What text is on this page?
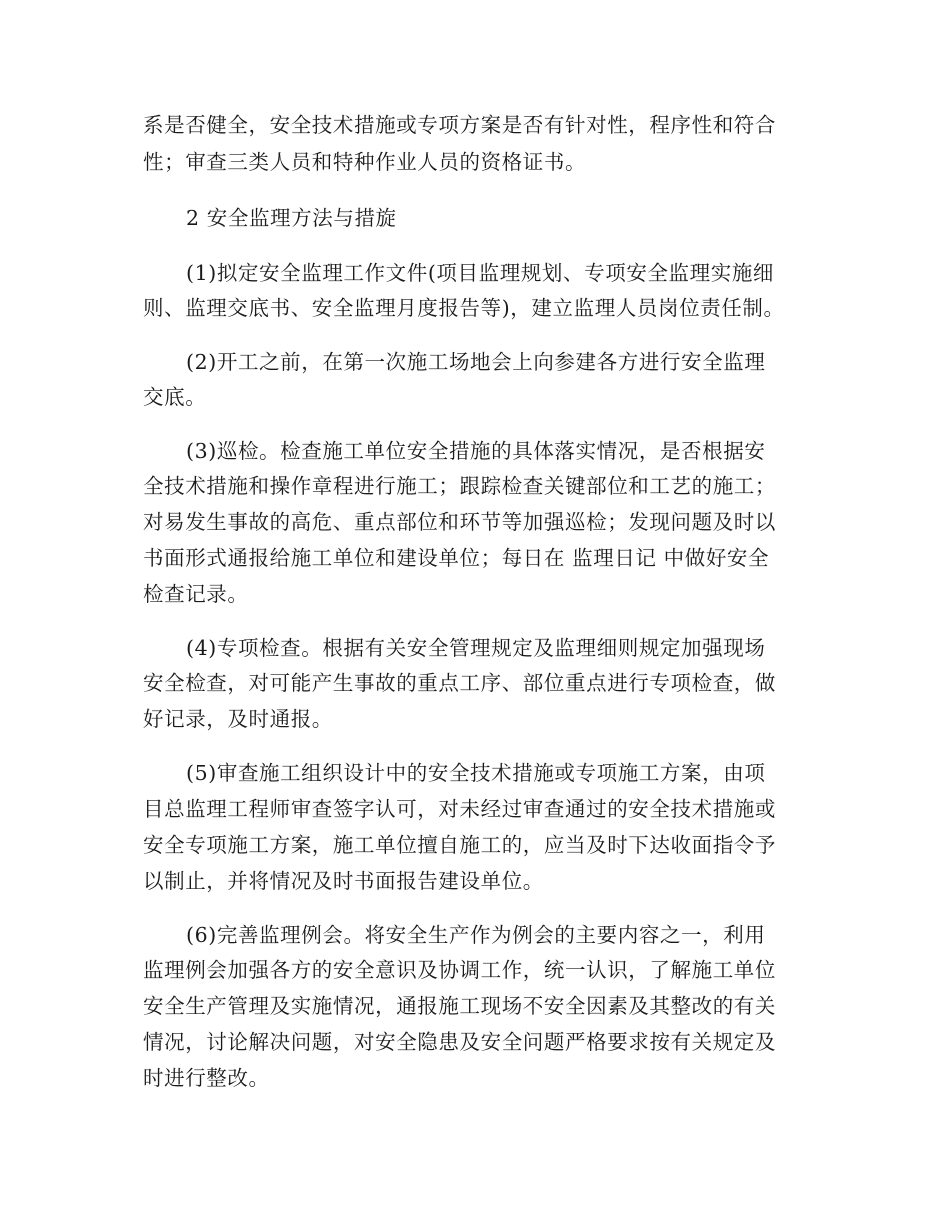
系是否健全，安全技术措施或专项方案是否有针对性，程序性和符合
性；审查三类人员和特种作业人员的资格证书。
2 安全监理方法与措旋
(1)拟定安全监理工作文件(项目监理规划、专项安全监理实施细
则、监理交底书、安全监理月度报告等)，建立监理人员岗位责任制。
(2)开工之前，在第一次施工场地会上向参建各方进行安全监理
交底。
(3)巡检。检查施工单位安全措施的具体落实情况，是否根据安
全技术措施和操作章程进行施工；跟踪检查关键部位和工艺的施工；
对易发生事故的高危、重点部位和环节等加强巡检；发现问题及时以
书面形式通报给施工单位和建设单位；每日在 监理日记 中做好安全
检查记录。
(4)专项检查。根据有关安全管理规定及监理细则规定加强现场
安全检查，对可能产生事故的重点工序、部位重点进行专项检查，做
好记录，及时通报。
(5)审查施工组织设计中的安全技术措施或专项施工方案，由项
目总监理工程师审查签字认可，对未经过审查通过的安全技术措施或
安全专项施工方案，施工单位擅自施工的，应当及时下达收面指令予
以制止，并将情况及时书面报告建设单位。
(6)完善监理例会。将安全生产作为例会的主要内容之一，利用
监理例会加强各方的安全意识及协调工作，统一认识，了解施工单位
安全生产管理及实施情况，通报施工现场不安全因素及其整改的有关
情况，讨论解决问题，对安全隐患及安全问题严格要求按有关规定及
时进行整改。
